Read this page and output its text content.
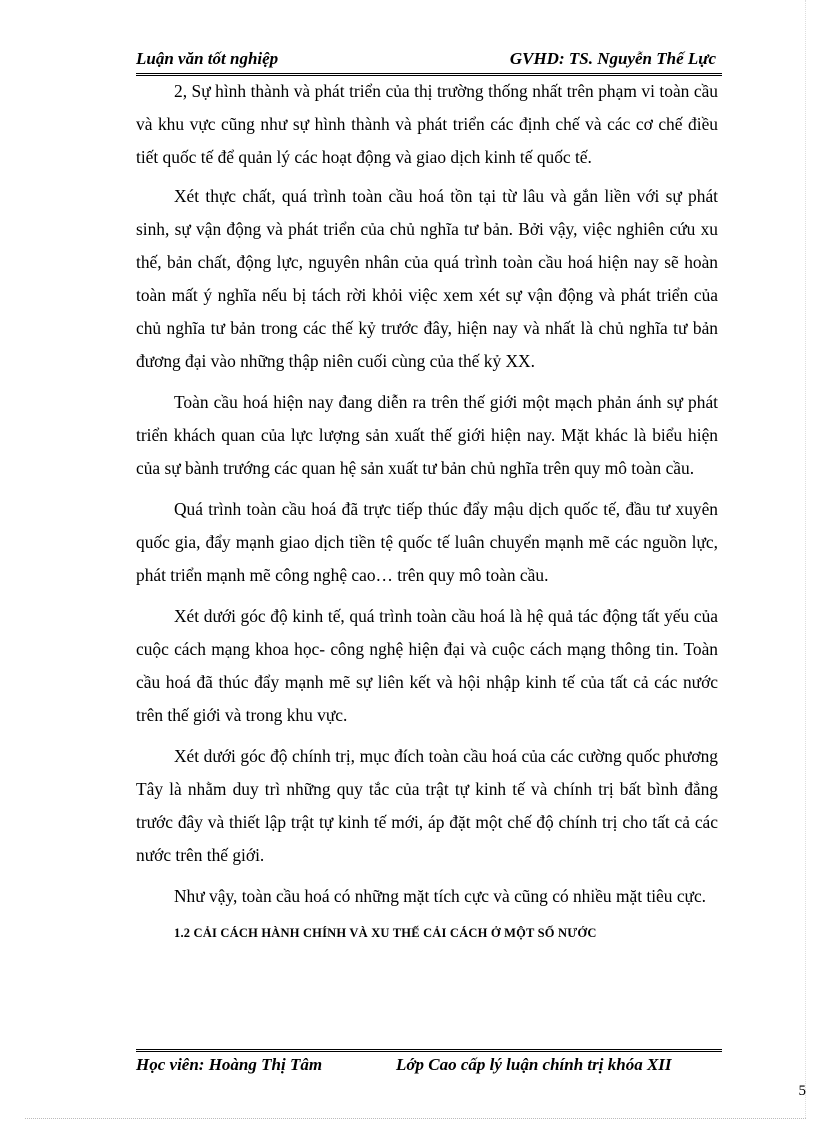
Luận văn tốt nghiệp	GVHD: TS. Nguyễn Thế Lực

2, Sự hình thành và phát triển của thị trường thống nhất trên phạm vi toàn cầu và khu vực cũng như sự hình thành và phát triển các định chế và các cơ chế điều tiết quốc tế để quản lý các hoạt động và giao dịch kinh tế quốc tế.

Xét thực chất, quá trình toàn cầu hoá tồn tại từ lâu và gắn liền với sự phát sinh, sự vận động và phát triển của chủ nghĩa tư bản. Bởi vậy, việc nghiên cứu xu thế, bản chất, động lực, nguyên nhân của quá trình toàn cầu hoá hiện nay sẽ hoàn toàn mất ý nghĩa nếu bị tách rời khỏi việc xem xét sự vận động và phát triển của chủ nghĩa tư bản trong các thế kỷ trước đây, hiện nay và nhất là chủ nghĩa tư bản đương đại vào những thập niên cuối cùng của thế kỷ XX.

Toàn cầu hoá hiện nay đang diễn ra trên thế giới một mạch phản ánh sự phát triển khách quan của lực lượng sản xuất thế giới hiện nay. Mặt khác là biểu hiện của sự bành trướng các quan hệ sản xuất tư bản chủ nghĩa trên quy mô toàn cầu.

Quá trình toàn cầu hoá đã trực tiếp thúc đẩy mậu dịch quốc tế, đầu tư xuyên quốc gia, đẩy mạnh giao dịch tiền tệ quốc tế luân chuyển mạnh mẽ các nguồn lực, phát triển mạnh mẽ công nghệ cao… trên quy mô toàn cầu.

Xét dưới góc độ kinh tế, quá trình toàn cầu hoá là hệ quả tác động tất yếu của cuộc cách mạng khoa học- công nghệ hiện đại và cuộc cách mạng thông tin. Toàn cầu hoá đã thúc đẩy mạnh mẽ sự liên kết và hội nhập kinh tế của tất cả các nước trên thế giới và trong khu vực.

Xét dưới góc độ chính trị, mục đích toàn cầu hoá của các cường quốc phương Tây là nhằm duy trì những quy tắc của trật tự kinh tế và chính trị bất bình đẳng trước đây và thiết lập trật tự kinh tế mới, áp đặt một chế độ chính trị cho tất cả các nước trên thế giới.

Như vậy, toàn cầu hoá có những mặt tích cực và cũng có nhiều mặt tiêu cực.

1.2 CẢI CÁCH HÀNH CHÍNH VÀ XU THẾ CẢI CÁCH Ở MỘT SỐ NƯỚC
Học viên: Hoàng Thị Tâm	Lớp Cao cấp lý luận chính trị khóa XII
5
